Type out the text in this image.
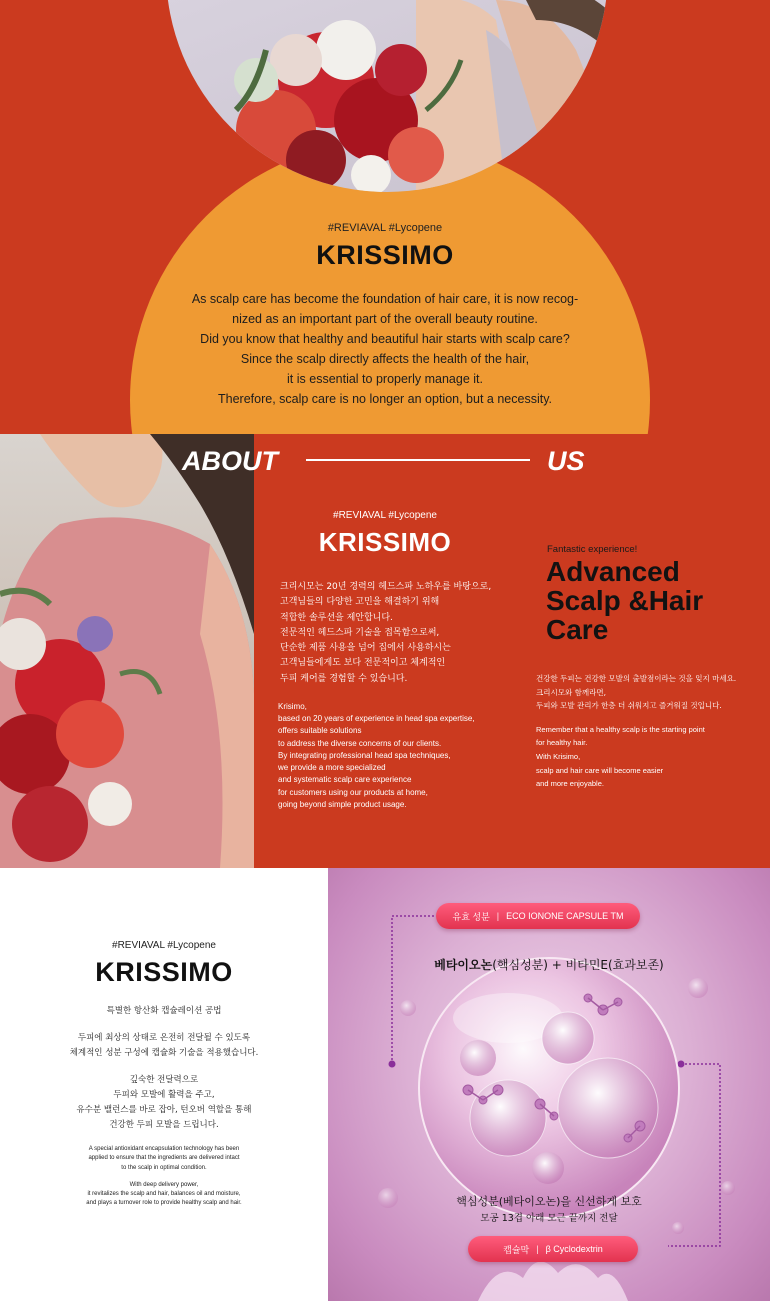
#REVIAVAL #Lycopene
KRISSIMO
As scalp care has become the foundation of hair care, it is now recog-
nized as an important part of the overall beauty routine.
Did you know that healthy and beautiful hair starts with scalp care?
Since the scalp directly affects the health of the hair,
it is essential to properly manage it.
Therefore, scalp care is no longer an option, but a necessity.
ABOUT	US
#REVIAVAL #Lycopene
KRISSIMO
크리시모는 20년 경력의 헤드스파 노하우를 바탕으로,
고객님들의 다양한 고민을 해결하기 위해
적합한 솔루션을 제안합니다.
전문적인 헤드스파 기술을 접목함으로써,
단순한 제품 사용을 넘어 집에서 사용하시는
고객님들에게도 보다 전문적이고 체계적인
두피 케어를 경험할 수 있습니다.
Krisimo,
based on 20 years of experience in head spa expertise,
offers suitable solutions
to address the diverse concerns of our clients.
By integrating professional head spa techniques,
we provide a more specialized
and systematic scalp care experience
for customers using our products at home,
going beyond simple product usage.
Fantastic experience!
Advanced
Scalp &Hair
Care
건강한 두피는 건강한 모발의 출발점이라는 것을 잊지 마세요.
크리시모와 함께라면,
두피와 모발 관리가 한층 더 쉬워지고 즐거워질 것입니다.
Remember that a healthy scalp is the starting point
for healthy hair.
With Krisimo,
scalp and hair care will become easier
and more enjoyable.
#REVIAVAL #Lycopene
KRISSIMO
특별한 항산화 캡슐레이션 공법
두피에 최상의 상태로 온전히 전달될 수 있도록
체계적인 성분 구성에 캡슐화 기술을 적용했습니다.
깊숙한 전달력으로
두피와 모발에 활력을 주고,
유수분 밸런스를 바로 잡아, 턴오버 역할을 통해
건강한 두피 모발을 드립니다.
A special antioxidant encapsulation technology has been
applied to ensure that the ingredients are delivered intact
to the scalp in optimal condition.
With deep delivery power,
it revitalizes the scalp and hair, balances oil and moisture,
and plays a turnover role to provide healthy scalp and hair.
유효 성분 | ECO IONONE CAPSULE TM
베타이오논(핵심성분) + 비타민E(효과보존)
핵심성분(베타이오논)을 신선하게 보호
모공 13겹 아래 모근 끝까지 전달
캡슐막 | β Cyclodextrin
